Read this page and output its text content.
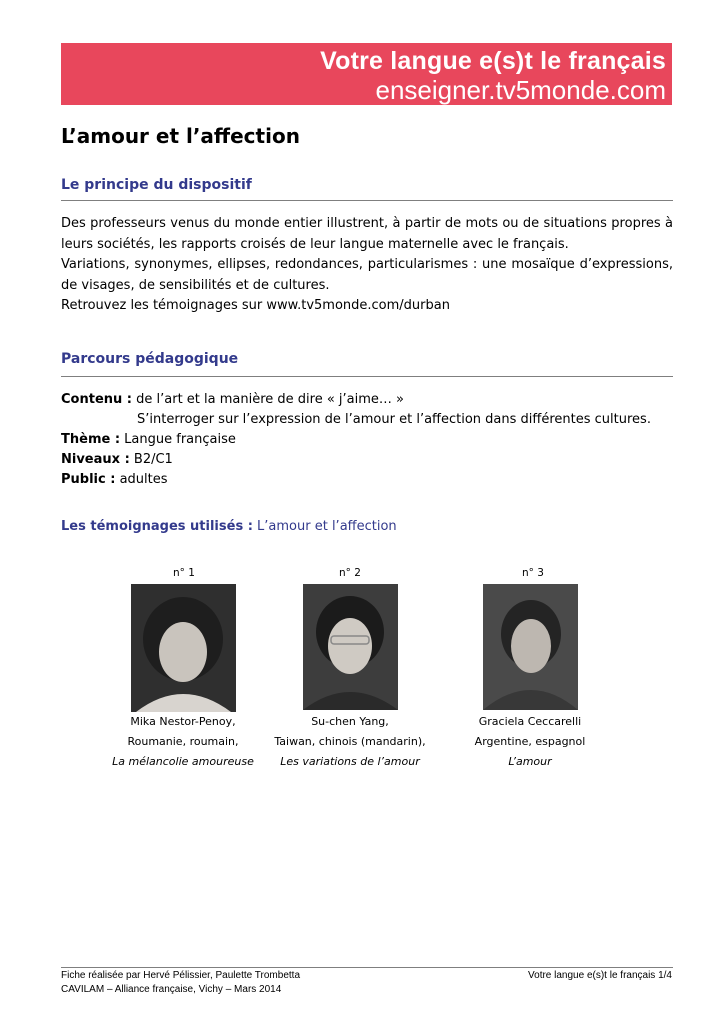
Votre langue e(s)t le français
enseigner.tv5monde.com
L’amour et l’affection
Le principe du dispositif

Des professeurs venus du monde entier illustrent, à partir de mots ou de situations propres à leurs sociétés, les rapports croisés de leur langue maternelle avec le français.

Variations, synonymes, ellipses, redondances, particularismes : une mosaïque d’expressions, de visages, de sensibilités et de cultures.

Retrouvez les témoignages sur www.tv5monde.com/durban

Parcours pédagogique
Contenu : de l’art et la manière de dire « j’aime… »
S’interroger sur l’expression de l’amour et l’affection dans différentes cultures.
Thème : Langue française
Niveaux : B2/C1
Public : adultes
Les témoignages utilisés : L’amour et l’affection
n° 1
Mika Nestor-Penoy,
Roumanie, roumain,
La mélancolie amoureuse
n° 2
Su-chen Yang,
Taiwan, chinois (mandarin),
Les variations de l’amour
n° 3
Graciela Ceccarelli
Argentine, espagnol
L’amour
Fiche réalisée par Hervé Pélissier, Paulette Trombetta
CAVILAM – Alliance française, Vichy – Mars 2014
Votre langue e(s)t le français 1/4
